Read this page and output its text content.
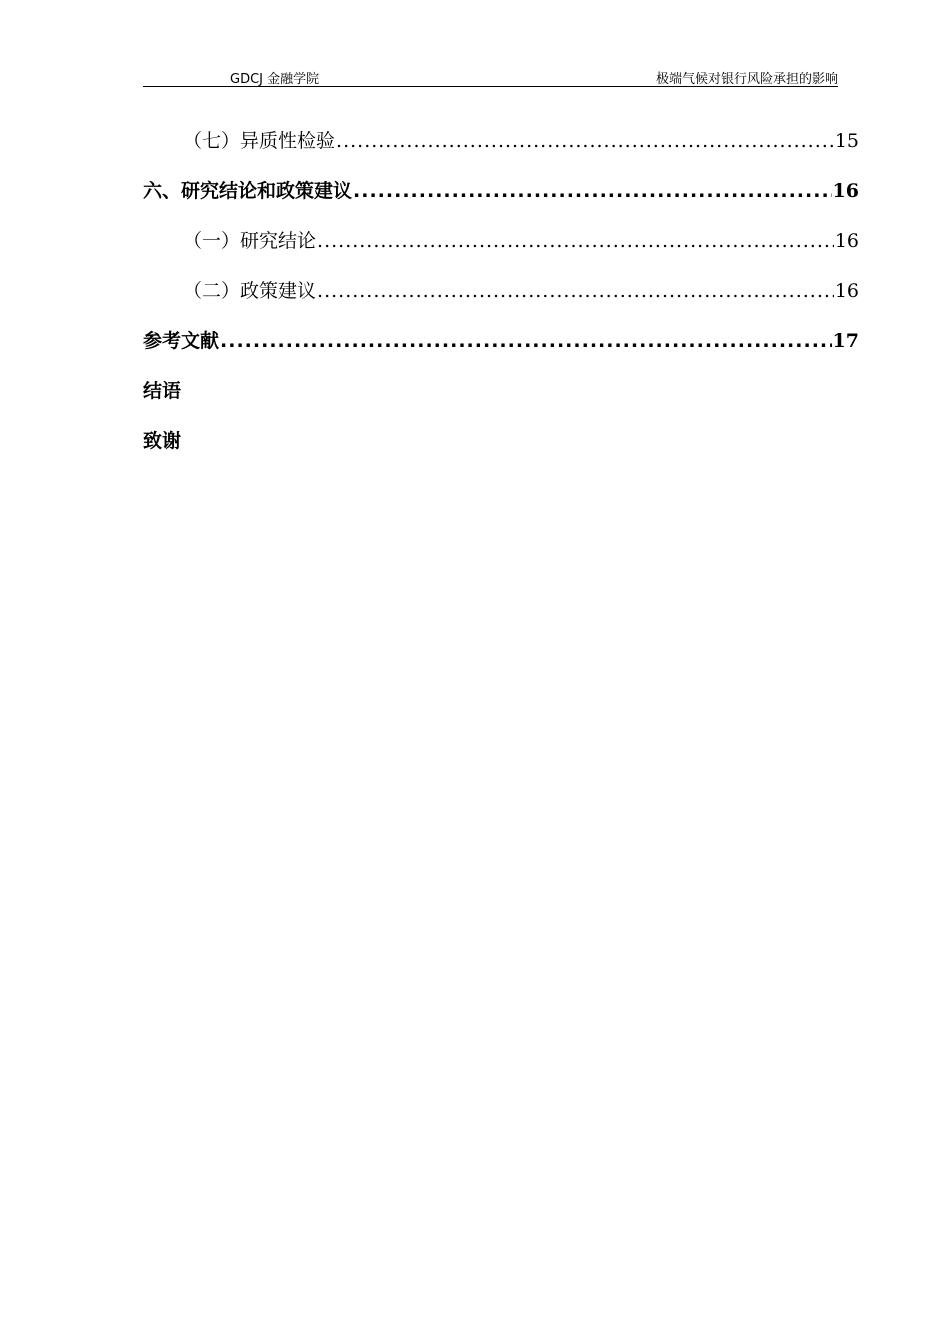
GDCJ 金融学院	极端气候对银行风险承担的影响
（七） 异质性检验 .....	15
六、 研究结论和政策建议 .....	16
（一） 研究结论 .....	16
（二） 政策建议 .....	16
参考文献 .....	17
结语
致谢
